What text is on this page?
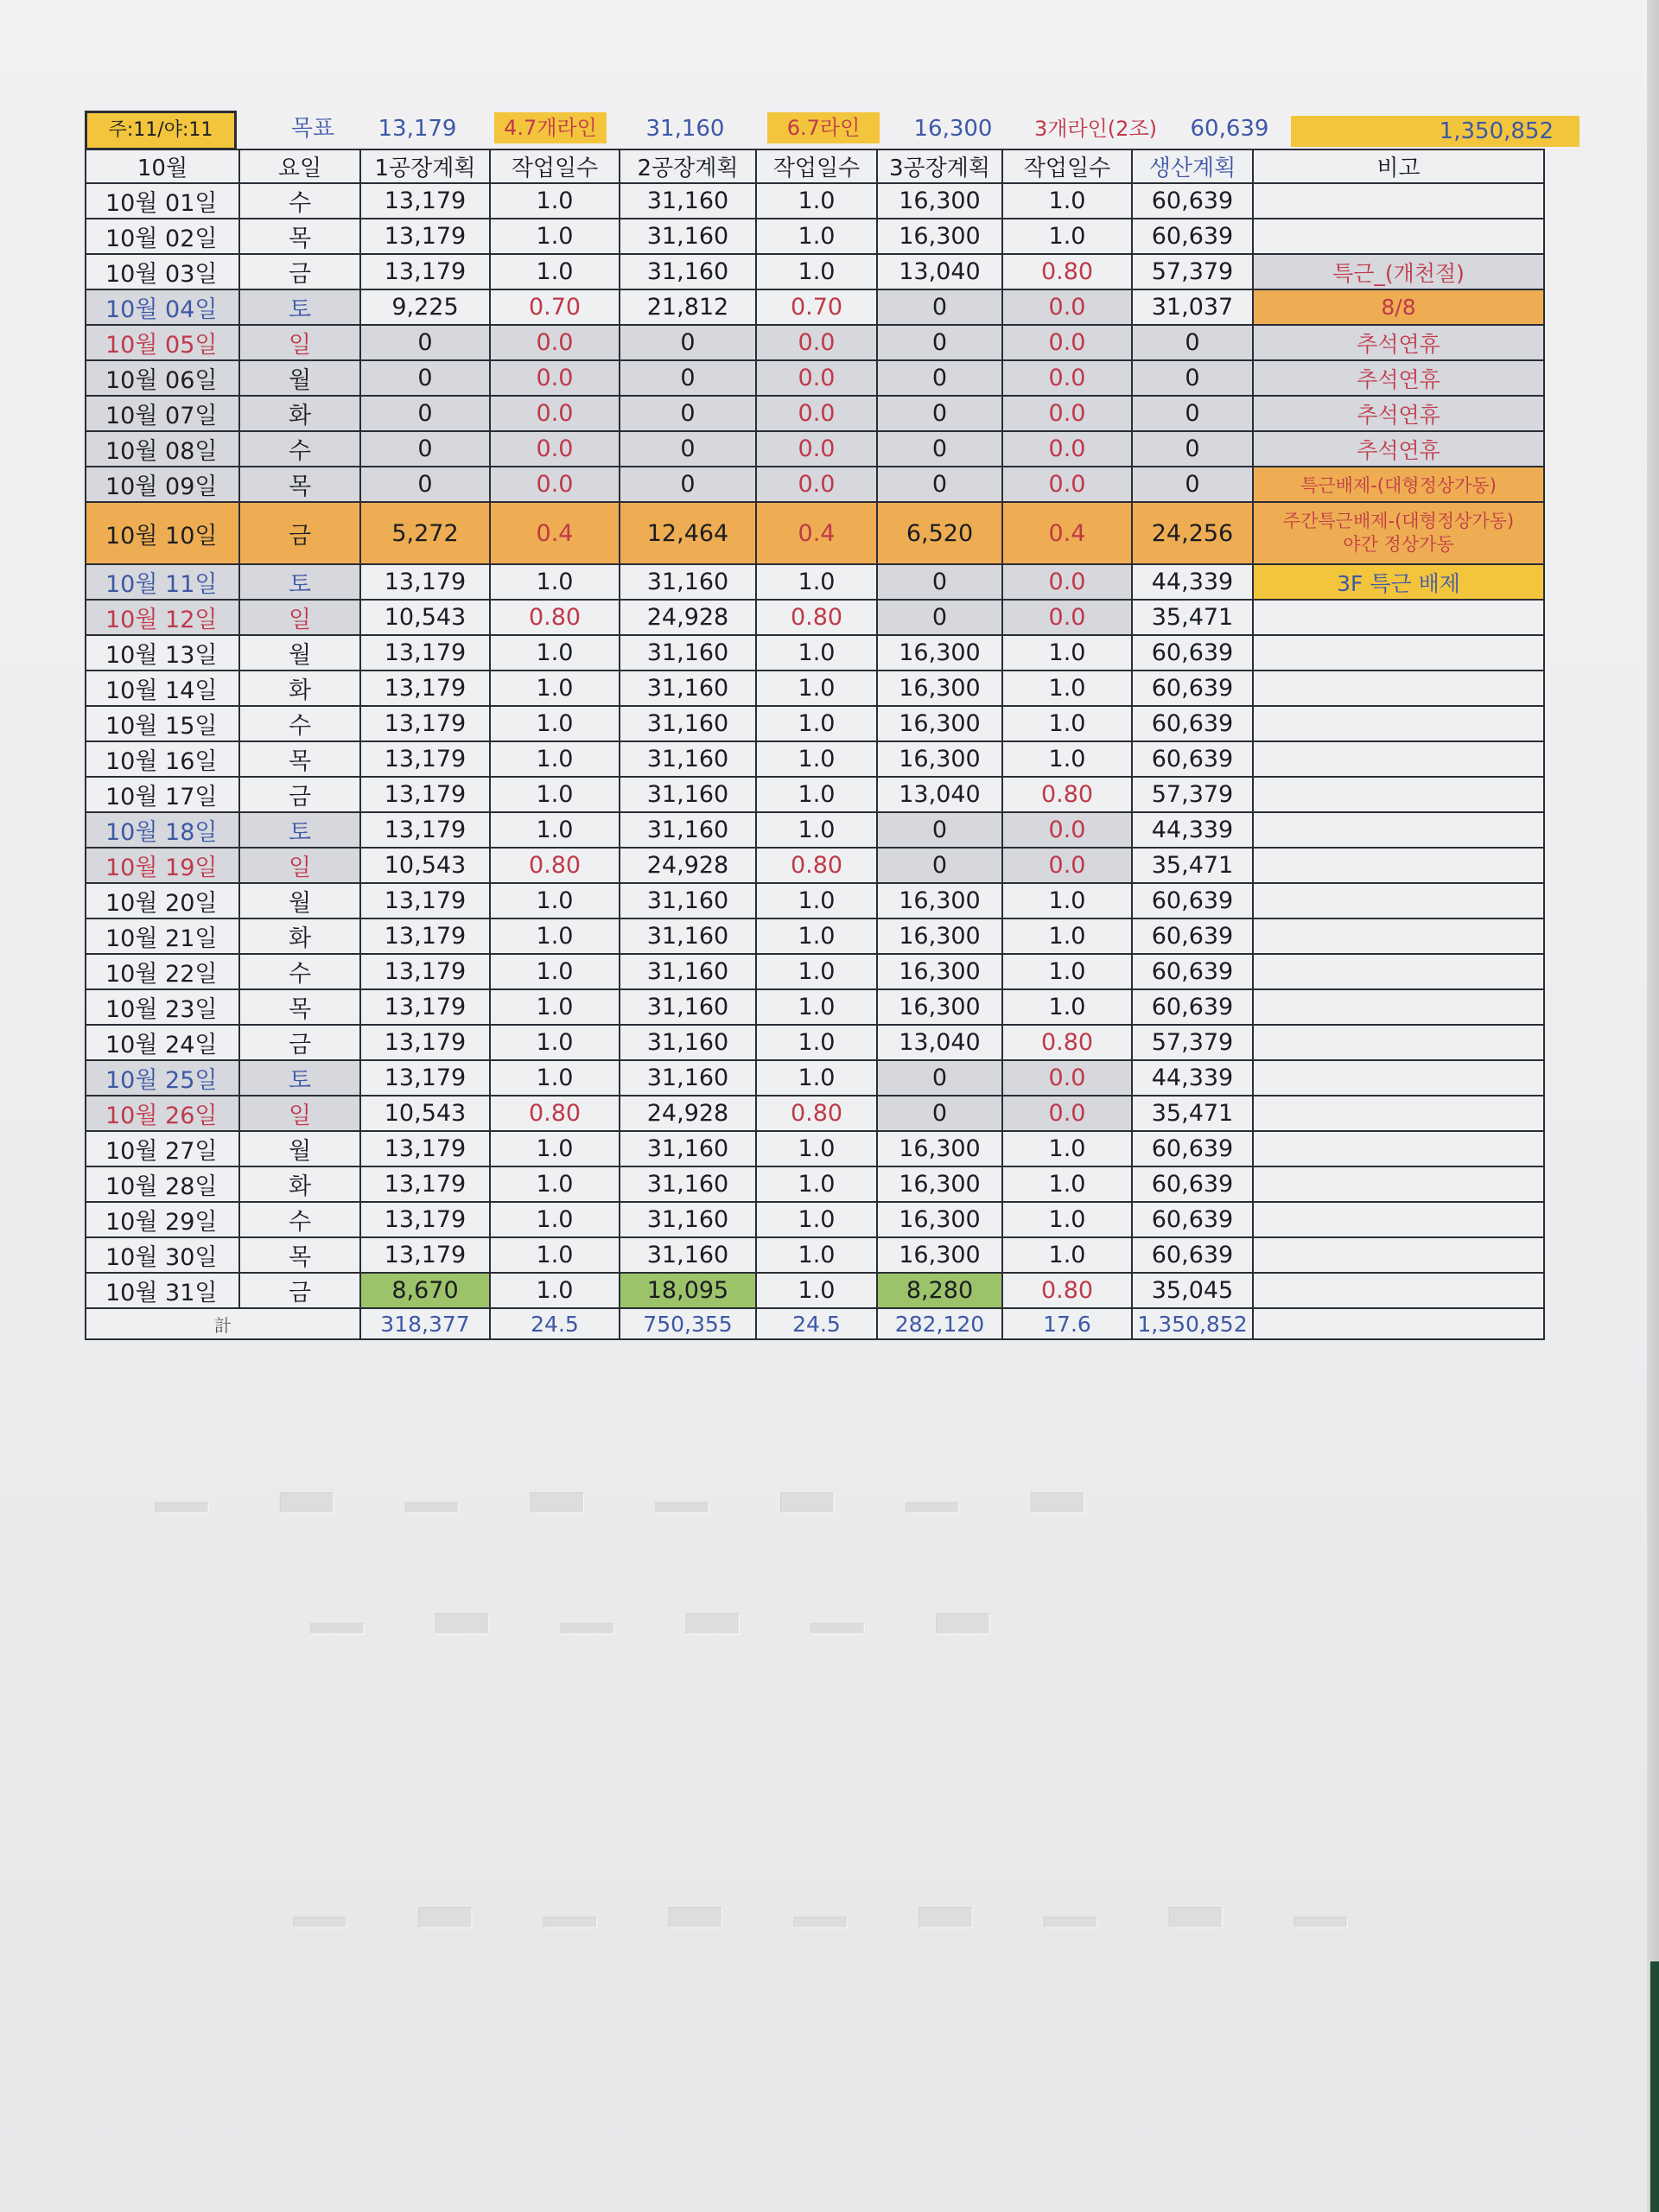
주:11/야:11	목표	13,179	4.7개라인	31,160	6.7라인	16,300	3개라인(2조)	60,639	1,350,852
10월	요일	1공장계획	작업일수	2공장계획	작업일수	3공장계획	작업일수	생산계획	비고
10월 01일	수	13,179	1.0	31,160	1.0	16,300	1.0	60,639	
10월 02일	목	13,179	1.0	31,160	1.0	16,300	1.0	60,639	
10월 03일	금	13,179	1.0	31,160	1.0	13,040	0.80	57,379	특근_(개천절)
10월 04일	토	9,225	0.70	21,812	0.70	0	0.0	31,037	8/8
10월 05일	일	0	0.0	0	0.0	0	0.0	0	추석연휴
10월 06일	월	0	0.0	0	0.0	0	0.0	0	추석연휴
10월 07일	화	0	0.0	0	0.0	0	0.0	0	추석연휴
10월 08일	수	0	0.0	0	0.0	0	0.0	0	추석연휴
10월 09일	목	0	0.0	0	0.0	0	0.0	0	특근배제-(대형정상가동)
10월 10일	금	5,272	0.4	12,464	0.4	6,520	0.4	24,256	주간특근배제-(대형정상가동)
야간 정상가동

10월 11일	토	13,179	1.0	31,160	1.0	0	0.0	44,339	3F 특근 배제
10월 12일	일	10,543	0.80	24,928	0.80	0	0.0	35,471	
10월 13일	월	13,179	1.0	31,160	1.0	16,300	1.0	60,639	
10월 14일	화	13,179	1.0	31,160	1.0	16,300	1.0	60,639	
10월 15일	수	13,179	1.0	31,160	1.0	16,300	1.0	60,639	
10월 16일	목	13,179	1.0	31,160	1.0	16,300	1.0	60,639	
10월 17일	금	13,179	1.0	31,160	1.0	13,040	0.80	57,379	
10월 18일	토	13,179	1.0	31,160	1.0	0	0.0	44,339	
10월 19일	일	10,543	0.80	24,928	0.80	0	0.0	35,471	
10월 20일	월	13,179	1.0	31,160	1.0	16,300	1.0	60,639	
10월 21일	화	13,179	1.0	31,160	1.0	16,300	1.0	60,639	
10월 22일	수	13,179	1.0	31,160	1.0	16,300	1.0	60,639	
10월 23일	목	13,179	1.0	31,160	1.0	16,300	1.0	60,639	
10월 24일	금	13,179	1.0	31,160	1.0	13,040	0.80	57,379	
10월 25일	토	13,179	1.0	31,160	1.0	0	0.0	44,339	
10월 26일	일	10,543	0.80	24,928	0.80	0	0.0	35,471	
10월 27일	월	13,179	1.0	31,160	1.0	16,300	1.0	60,639	
10월 28일	화	13,179	1.0	31,160	1.0	16,300	1.0	60,639	
10월 29일	수	13,179	1.0	31,160	1.0	16,300	1.0	60,639	
10월 30일	목	13,179	1.0	31,160	1.0	16,300	1.0	60,639	
10월 31일	금	8,670	1.0	18,095	1.0	8,280	0.80	35,045	
計		318,377	24.5	750,355	24.5	282,120	17.6	1,350,852	
▁ ▂ ▁ ▂ ▁ ▂ ▁ ▂
▁ ▂ ▁ ▂ ▁ ▂
▁ ▂ ▁ ▂ ▁ ▂ ▁ ▂ ▁
